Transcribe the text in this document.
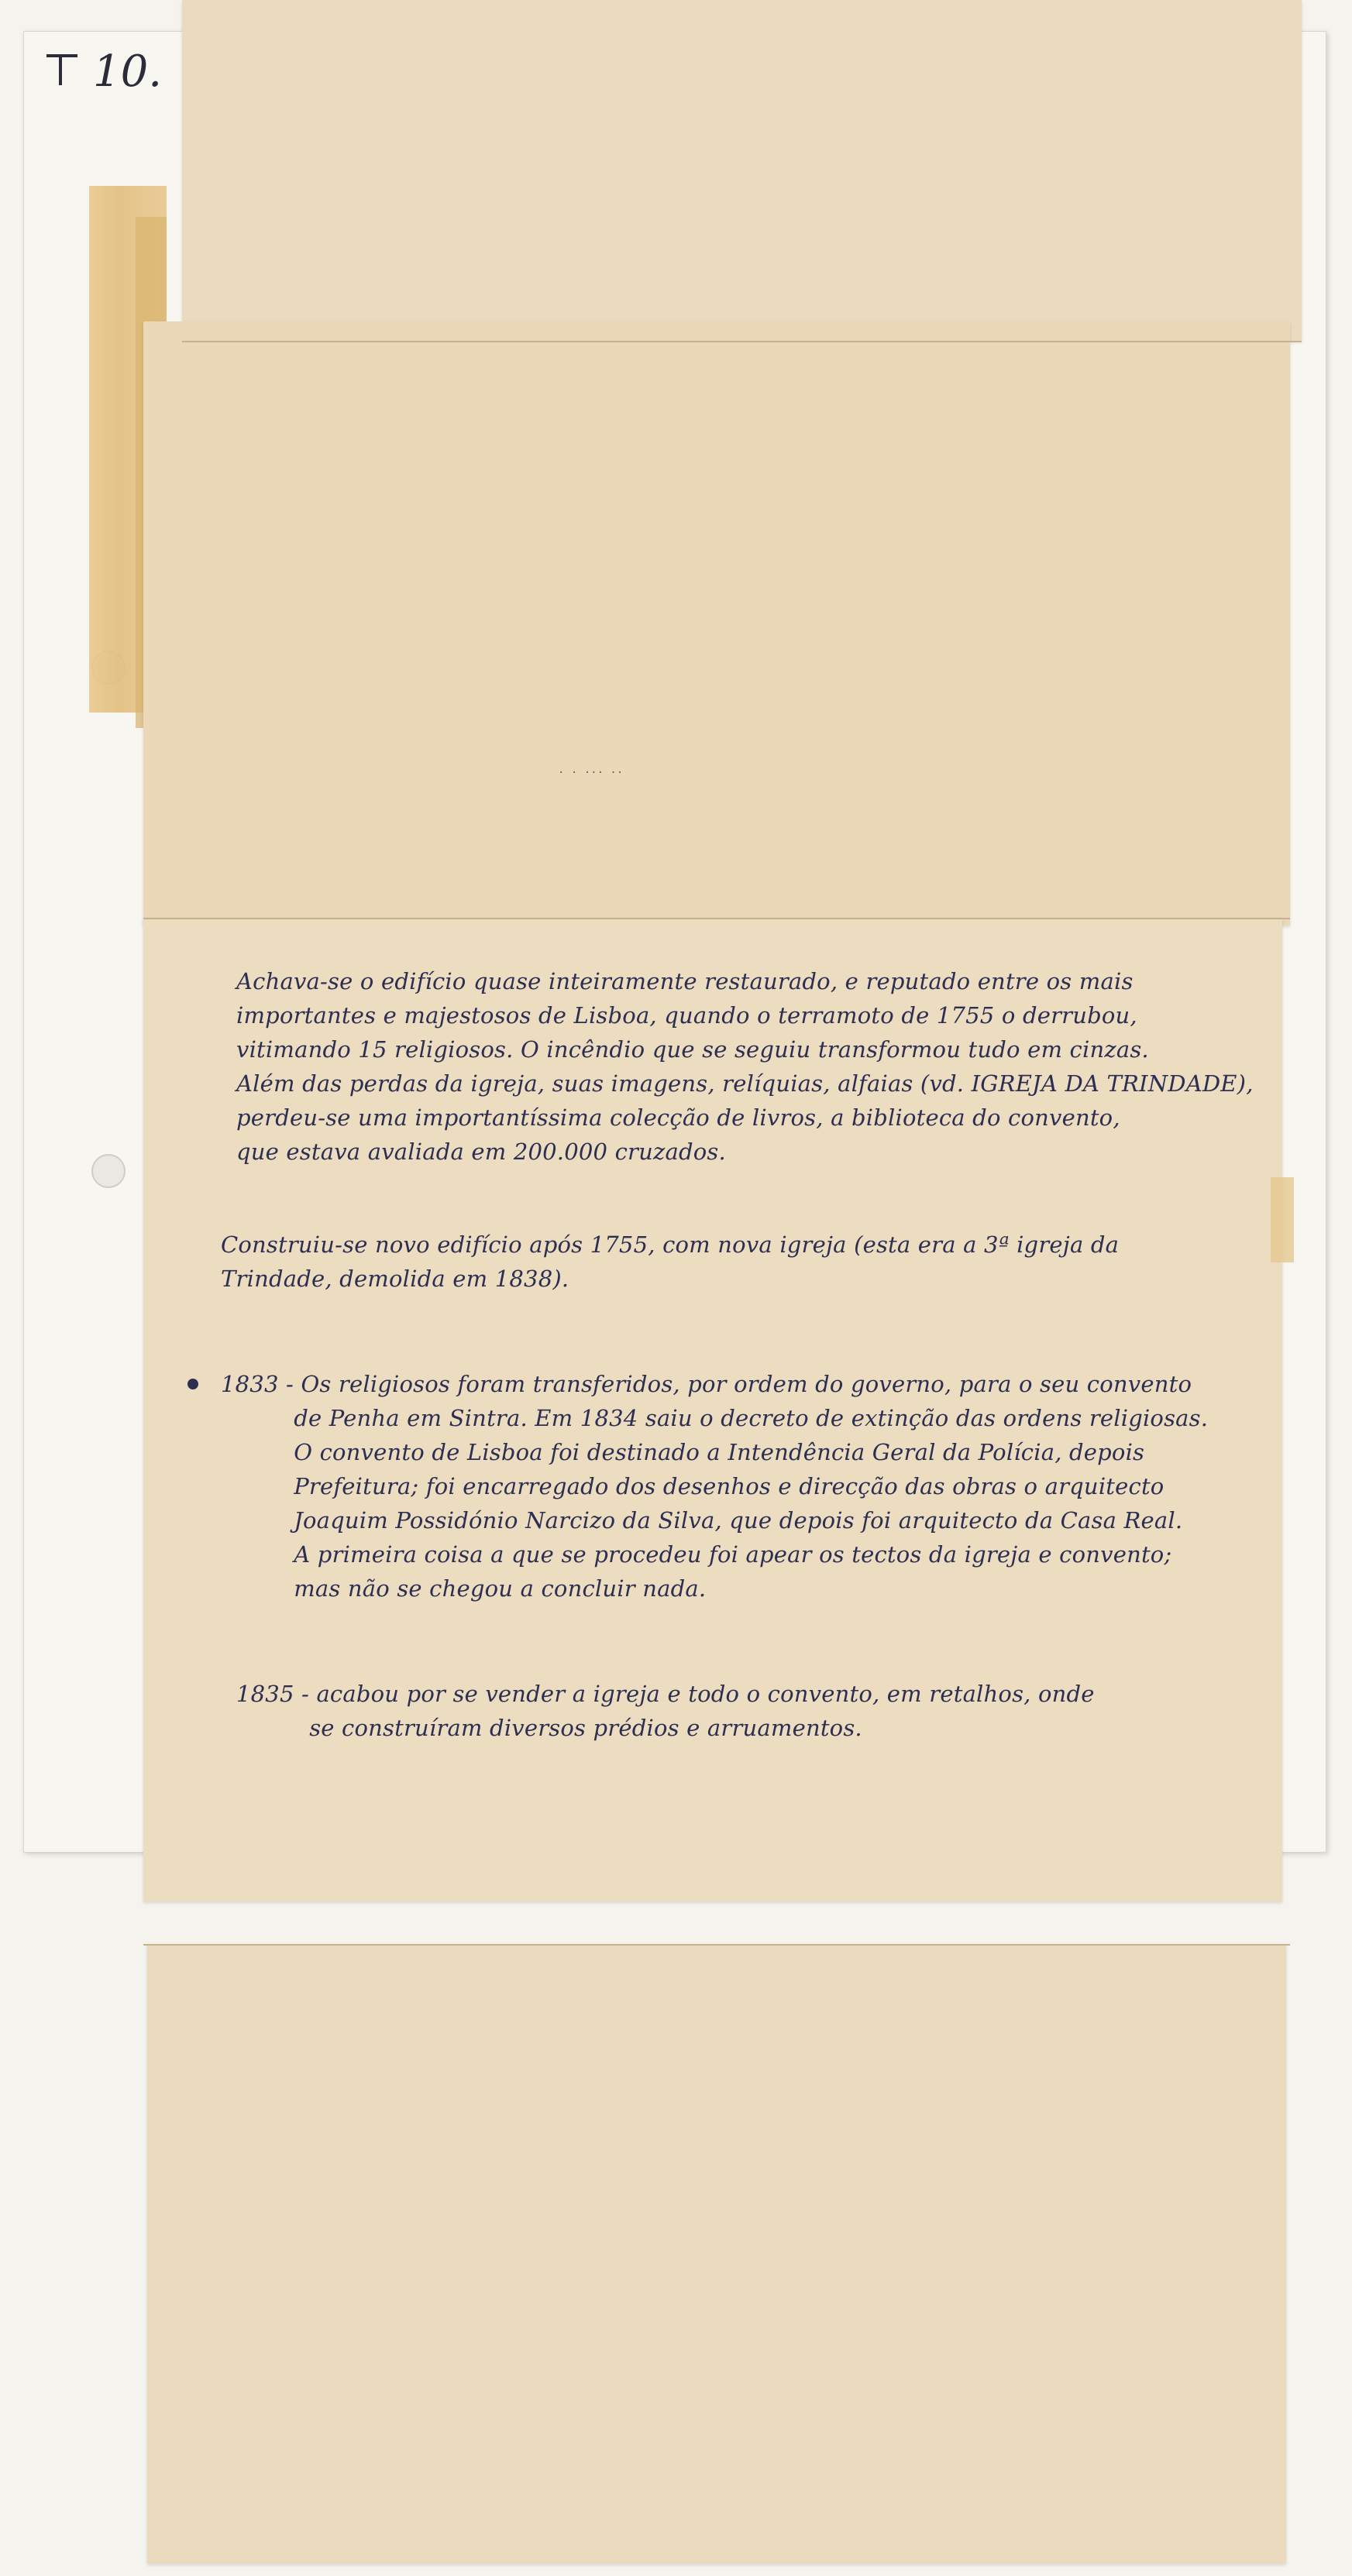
10.
· · ··· ··

Achava-se o edifício quase inteiramente restaurado, e reputado entre os mais
importantes e majestosos de Lisboa, quando o terramoto de 1755 o derrubou, vitimando 15 religiosos. O incêndio que se seguiu transformou tudo em cinzas.
Além das perdas da igreja, suas imagens, relíquias, alfaias (vd. IGREJA DA TRINDADE),
perdeu-se uma importantíssima colecção de livros, a biblioteca do convento,
que estava avaliada em 200.000 cruzados.

Construiu-se novo edifício após 1755, com nova igreja (esta era a 3ª igreja da
Trindade, demolida em 1838).

1833 - Os religiosos foram transferidos, por ordem do governo, para o seu convento
de Penha em Sintra. Em 1834 saiu o decreto de extinção das ordens religiosas.
O convento de Lisboa foi destinado a Intendência Geral da Polícia, depois
Prefeitura; foi encarregado dos desenhos e direcção das obras o arquitecto
Joaquim Possidónio Narcizo da Silva, que depois foi arquitecto da Casa Real.
A primeira coisa a que se procedeu foi apear os tectos da igreja e convento;
mas não se chegou a concluir nada.

1835 - acabou por se vender a igreja e todo o convento, em retalhos, onde
se construíram diversos prédios e arruamentos.
